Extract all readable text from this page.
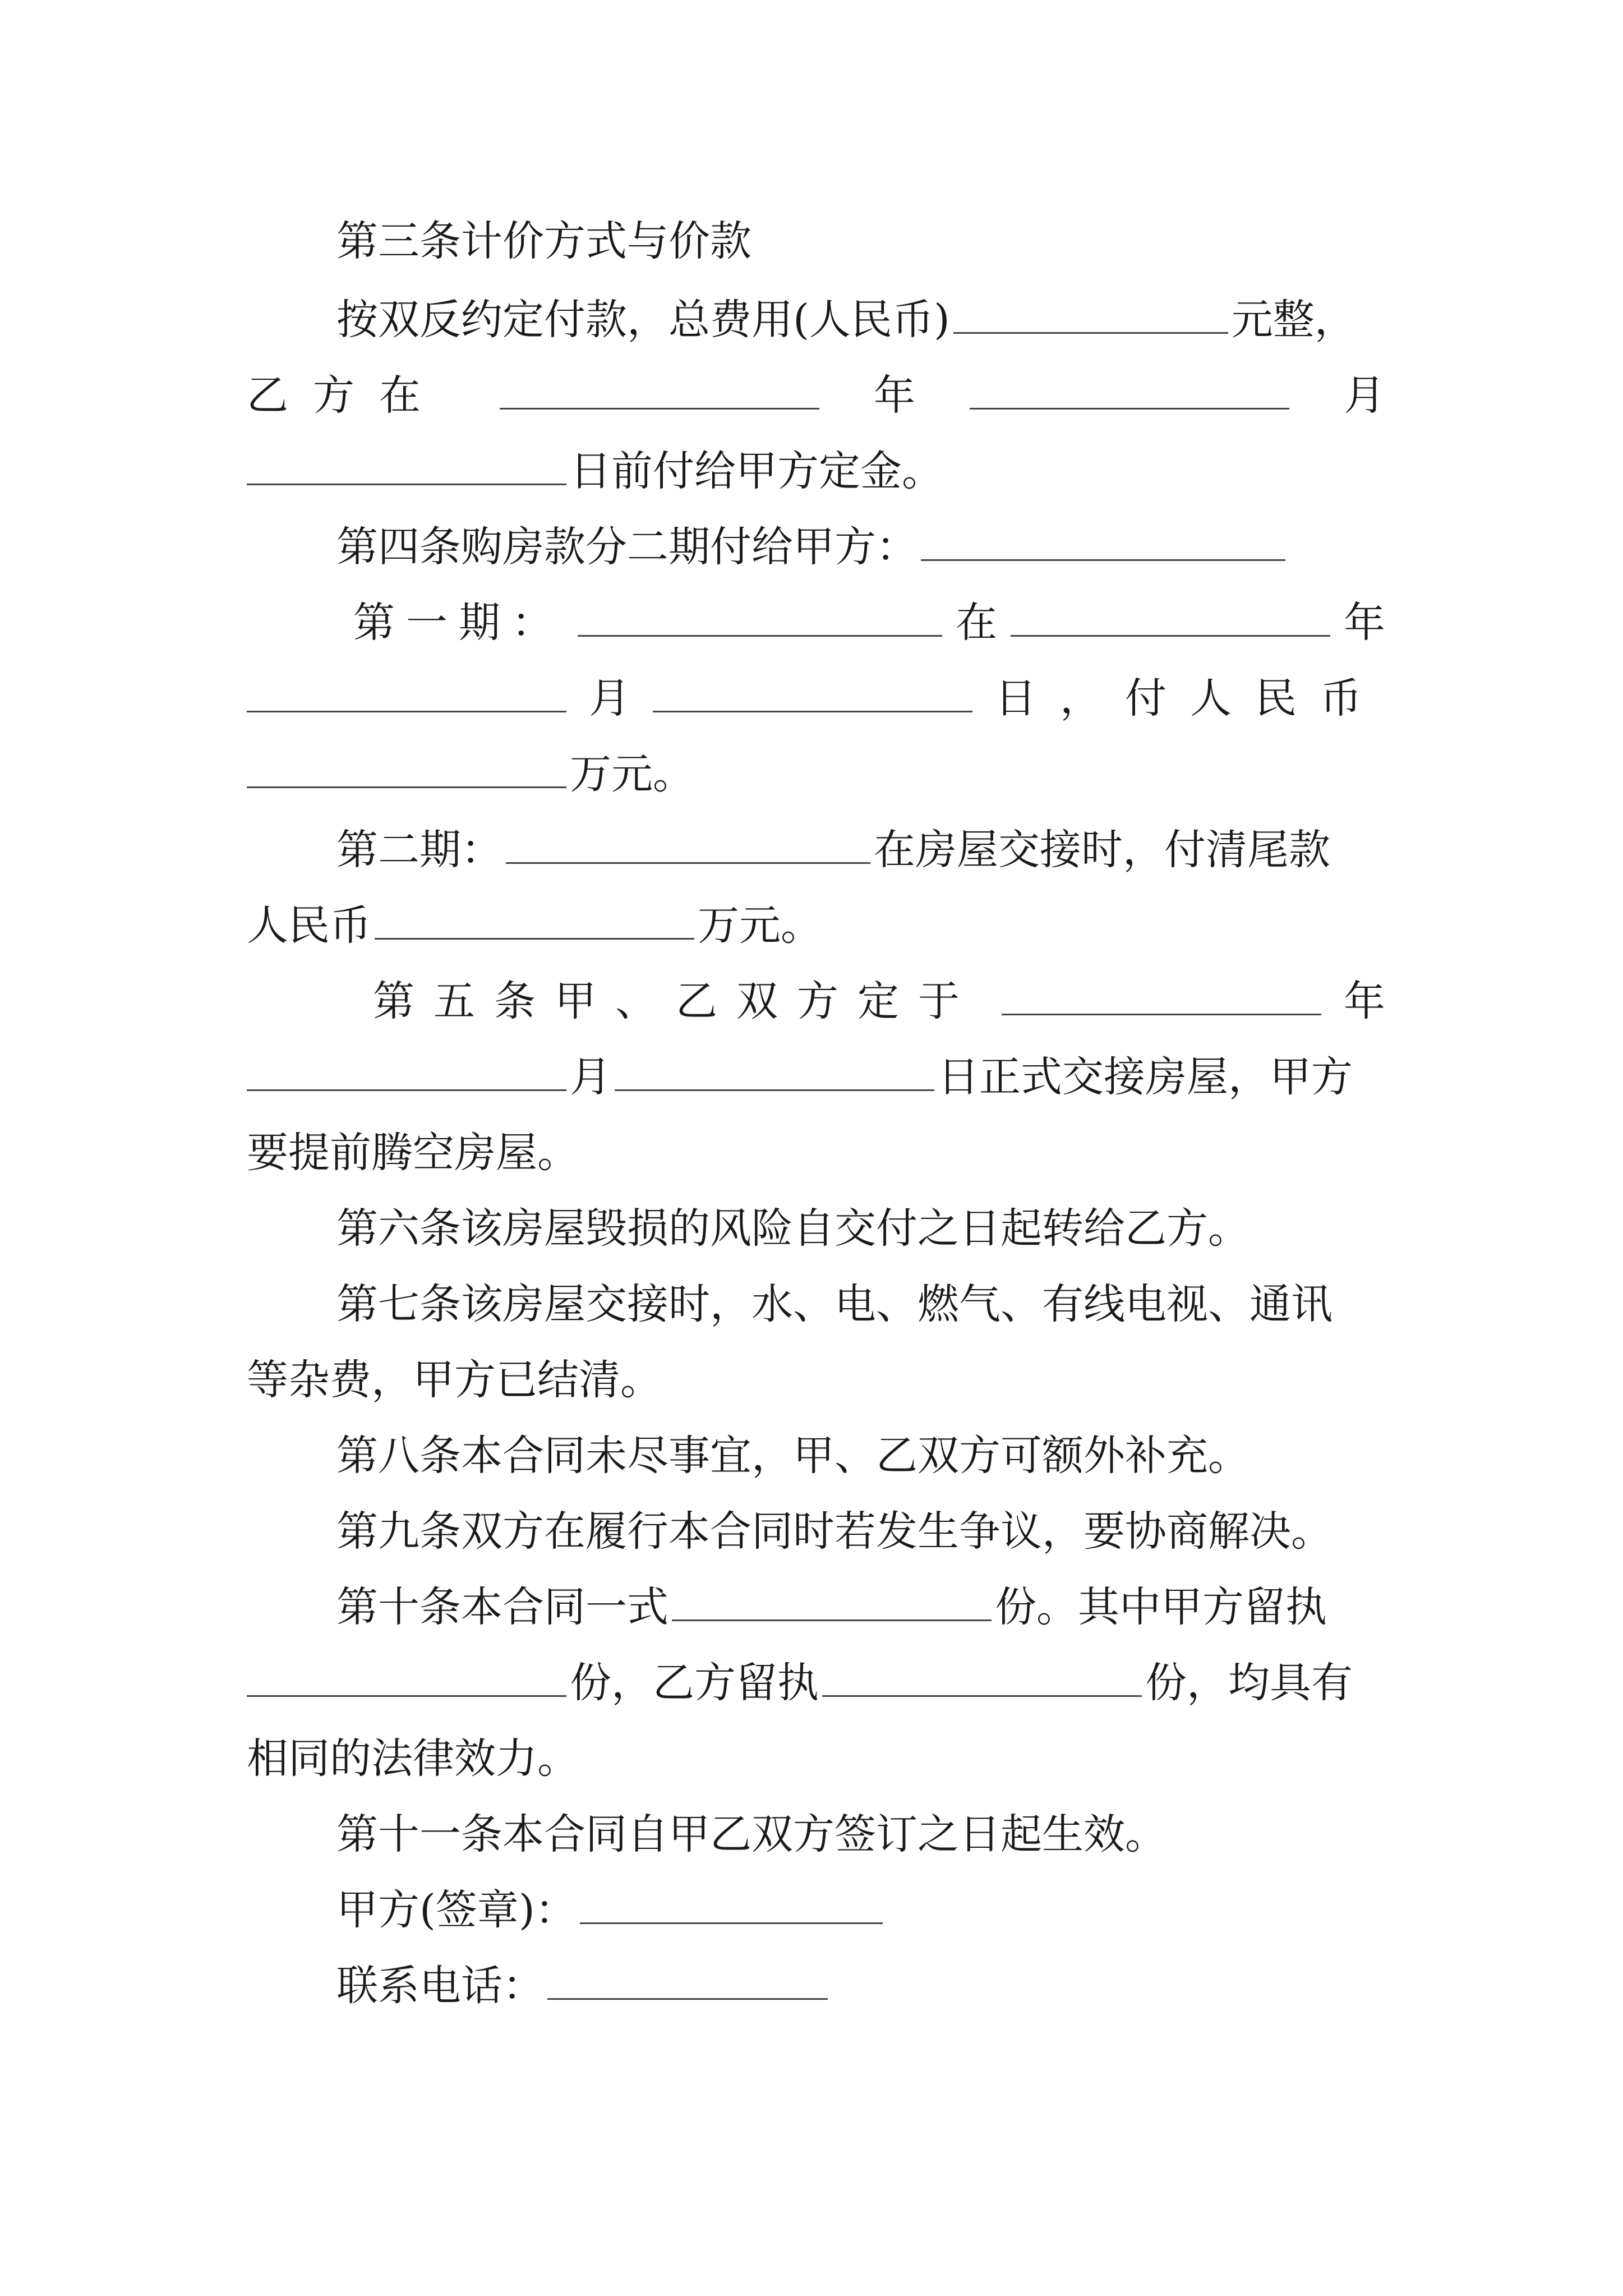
第三条计价方式与价款
按双反约定付款，总费用(人民币)	元整，
乙方在	年	月
日前付给甲方定金。
第四条购房款分二期付给甲方：
第一期：	在	年
月	日，付人民币
万元。
第二期：	在房屋交接时，付清尾款
人民币	万元。
第五条甲、乙双方定于	年
月	日正式交接房屋，甲方
要提前腾空房屋。
第六条该房屋毁损的风险自交付之日起转给乙方。
第七条该房屋交接时，水、电、燃气、有线电视、通讯
等杂费，甲方已结清。
第八条本合同未尽事宜，甲、乙双方可额外补充。
第九条双方在履行本合同时若发生争议，要协商解决。
第十条本合同一式	份。其中甲方留执
份，乙方留执	份，均具有
相同的法律效力。
第十一条本合同自甲乙双方签订之日起生效。
甲方(签章)：
联系电话：
